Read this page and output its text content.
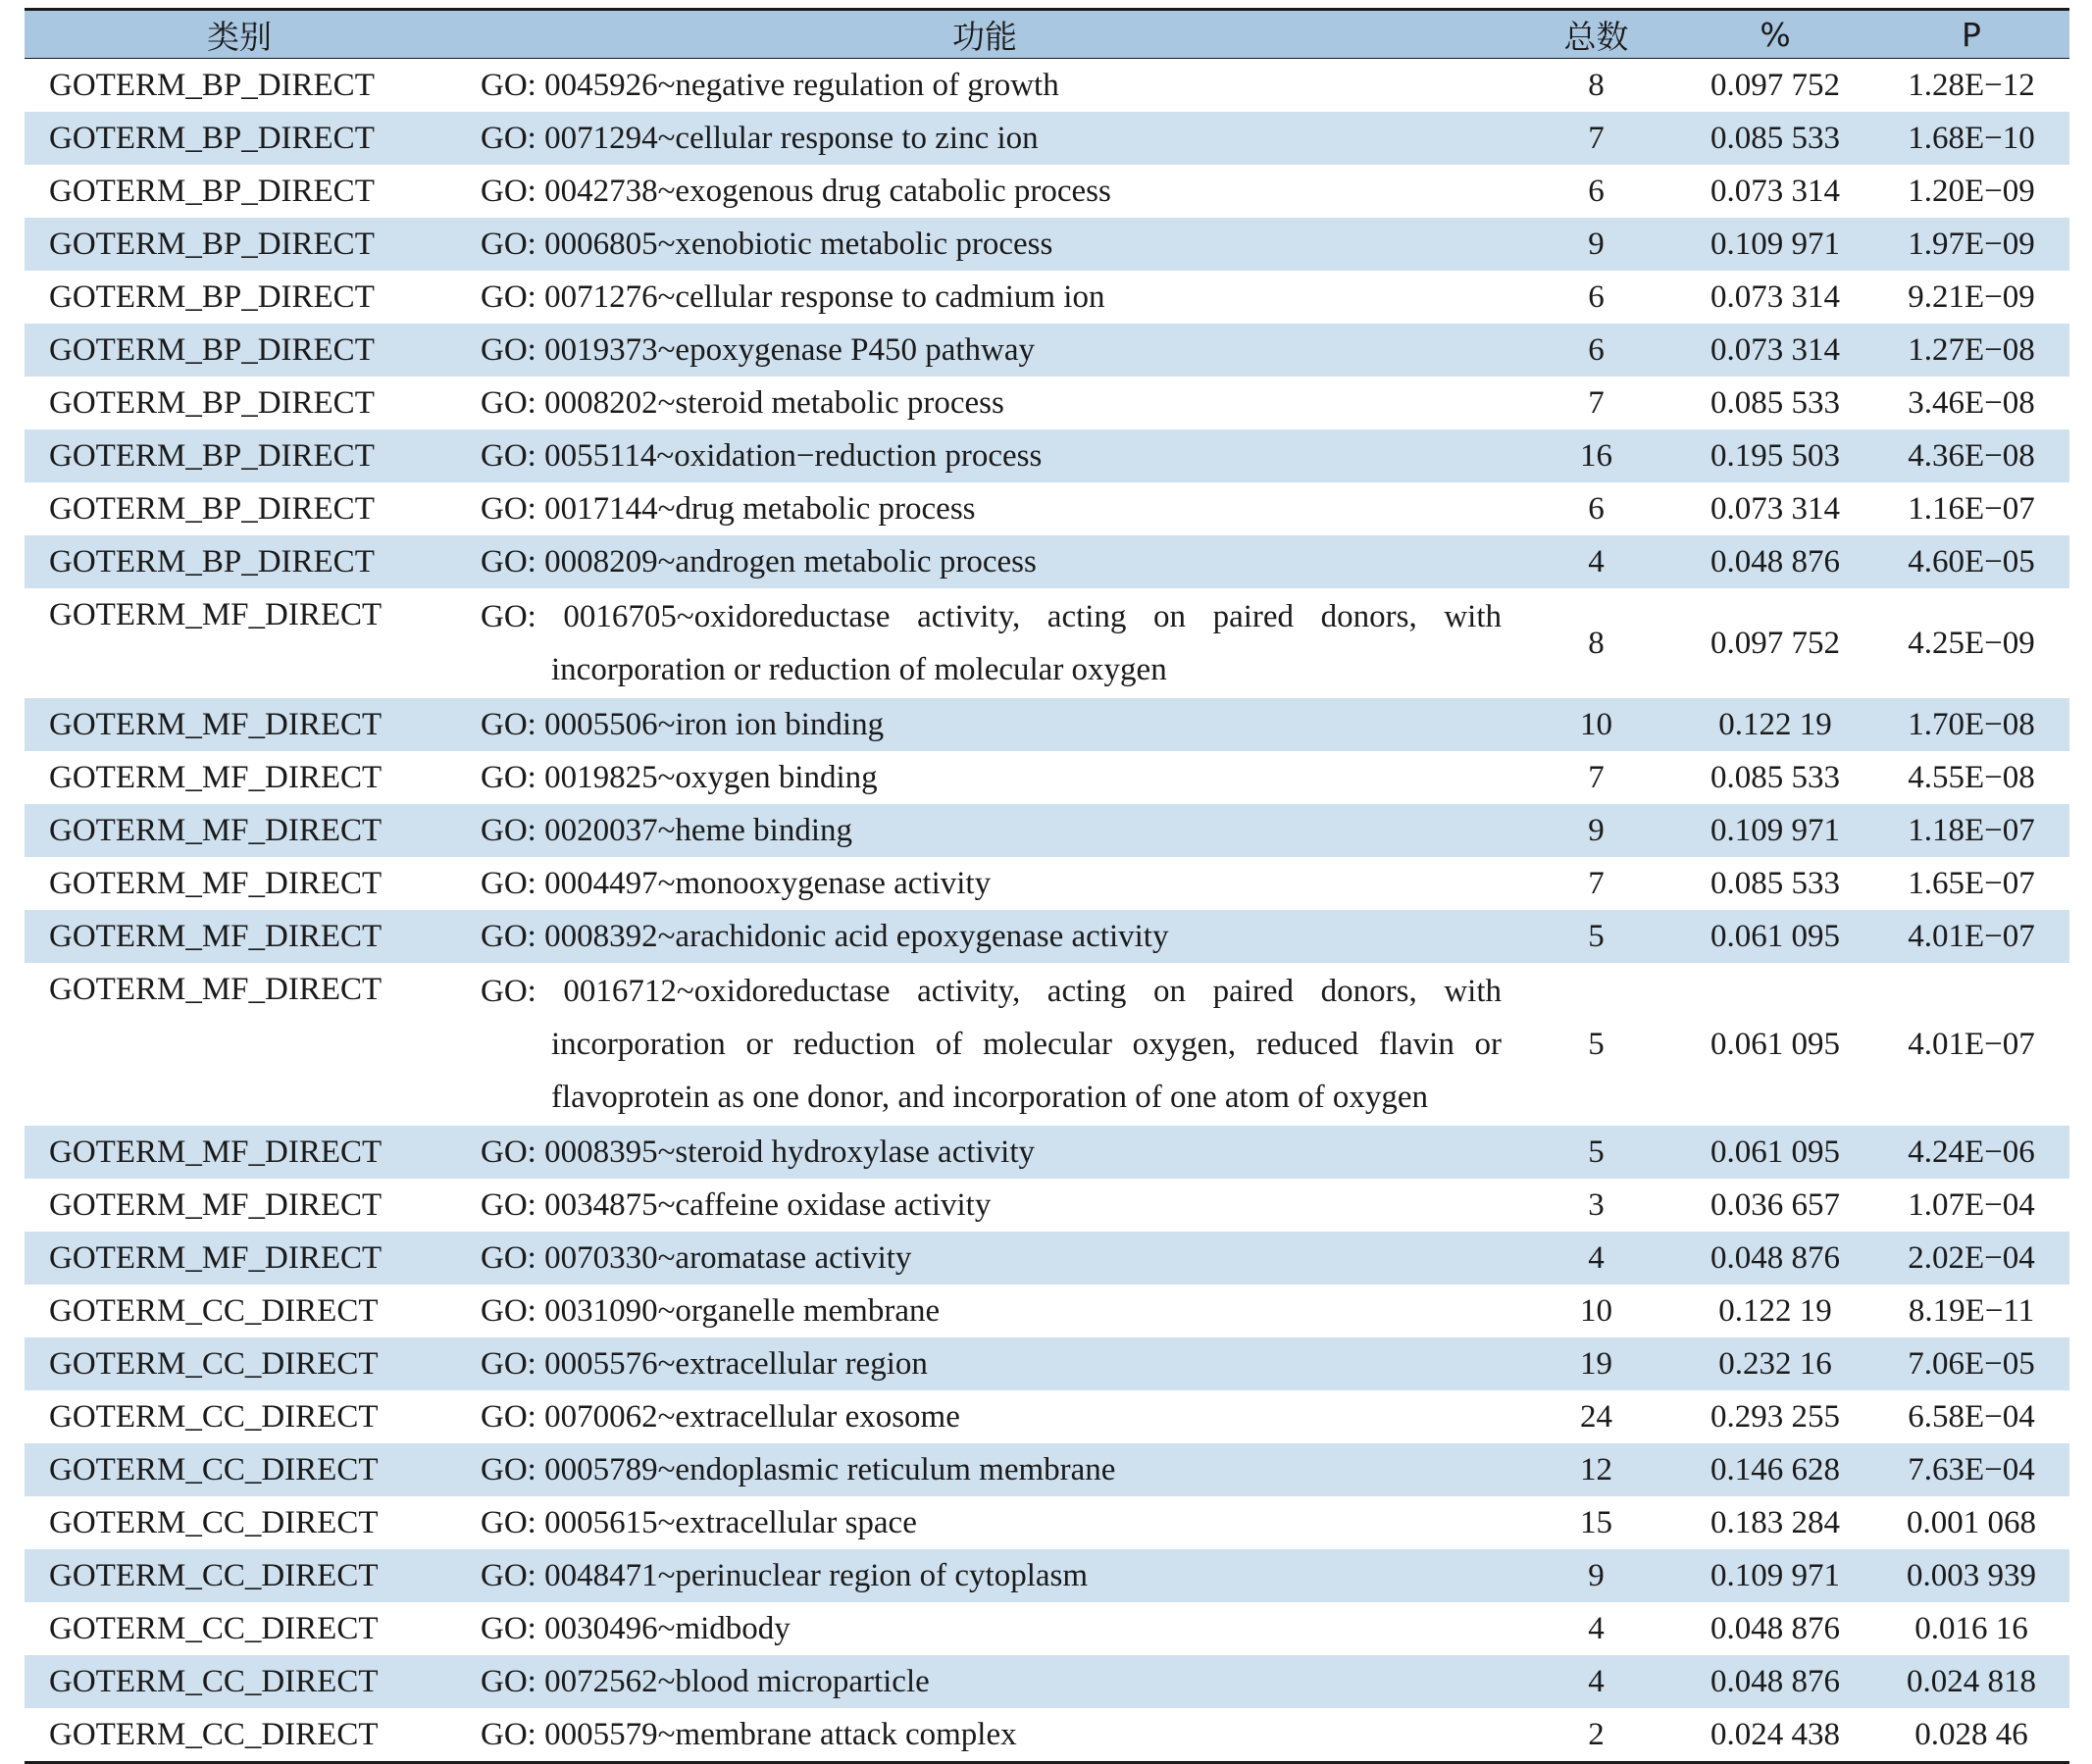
类别	功能	总数	%	P
GOTERM_BP_DIRECT	GO: 0045926~negative regulation of growth	8	0.097 752	1.28E−12
GOTERM_BP_DIRECT	GO: 0071294~cellular response to zinc ion	7	0.085 533	1.68E−10
GOTERM_BP_DIRECT	GO: 0042738~exogenous drug catabolic process	6	0.073 314	1.20E−09
GOTERM_BP_DIRECT	GO: 0006805~xenobiotic metabolic process	9	0.109 971	1.97E−09
GOTERM_BP_DIRECT	GO: 0071276~cellular response to cadmium ion	6	0.073 314	9.21E−09
GOTERM_BP_DIRECT	GO: 0019373~epoxygenase P450 pathway	6	0.073 314	1.27E−08
GOTERM_BP_DIRECT	GO: 0008202~steroid metabolic process	7	0.085 533	3.46E−08
GOTERM_BP_DIRECT	GO: 0055114~oxidation−reduction process	16	0.195 503	4.36E−08
GOTERM_BP_DIRECT	GO: 0017144~drug metabolic process	6	0.073 314	1.16E−07
GOTERM_BP_DIRECT	GO: 0008209~androgen metabolic process	4	0.048 876	4.60E−05
GOTERM_MF_DIRECT	GO: 0016705~oxidoreductase activity, acting on paired donors, with incorporation or reduction of molecular oxygen	8	0.097 752	4.25E−09
GOTERM_MF_DIRECT	GO: 0005506~iron ion binding	10	0.122 19	1.70E−08
GOTERM_MF_DIRECT	GO: 0019825~oxygen binding	7	0.085 533	4.55E−08
GOTERM_MF_DIRECT	GO: 0020037~heme binding	9	0.109 971	1.18E−07
GOTERM_MF_DIRECT	GO: 0004497~monooxygenase activity	7	0.085 533	1.65E−07
GOTERM_MF_DIRECT	GO: 0008392~arachidonic acid epoxygenase activity	5	0.061 095	4.01E−07
GOTERM_MF_DIRECT	GO: 0016712~oxidoreductase activity, acting on paired donors, with incorporation or reduction of molecular oxygen, reduced flavin or flavoprotein as one donor, and incorporation of one atom of oxygen	5	0.061 095	4.01E−07
GOTERM_MF_DIRECT	GO: 0008395~steroid hydroxylase activity	5	0.061 095	4.24E−06
GOTERM_MF_DIRECT	GO: 0034875~caffeine oxidase activity	3	0.036 657	1.07E−04
GOTERM_MF_DIRECT	GO: 0070330~aromatase activity	4	0.048 876	2.02E−04
GOTERM_CC_DIRECT	GO: 0031090~organelle membrane	10	0.122 19	8.19E−11
GOTERM_CC_DIRECT	GO: 0005576~extracellular region	19	0.232 16	7.06E−05
GOTERM_CC_DIRECT	GO: 0070062~extracellular exosome	24	0.293 255	6.58E−04
GOTERM_CC_DIRECT	GO: 0005789~endoplasmic reticulum membrane	12	0.146 628	7.63E−04
GOTERM_CC_DIRECT	GO: 0005615~extracellular space	15	0.183 284	0.001 068
GOTERM_CC_DIRECT	GO: 0048471~perinuclear region of cytoplasm	9	0.109 971	0.003 939
GOTERM_CC_DIRECT	GO: 0030496~midbody	4	0.048 876	0.016 16
GOTERM_CC_DIRECT	GO: 0072562~blood microparticle	4	0.048 876	0.024 818
GOTERM_CC_DIRECT	GO: 0005579~membrane attack complex	2	0.024 438	0.028 46
